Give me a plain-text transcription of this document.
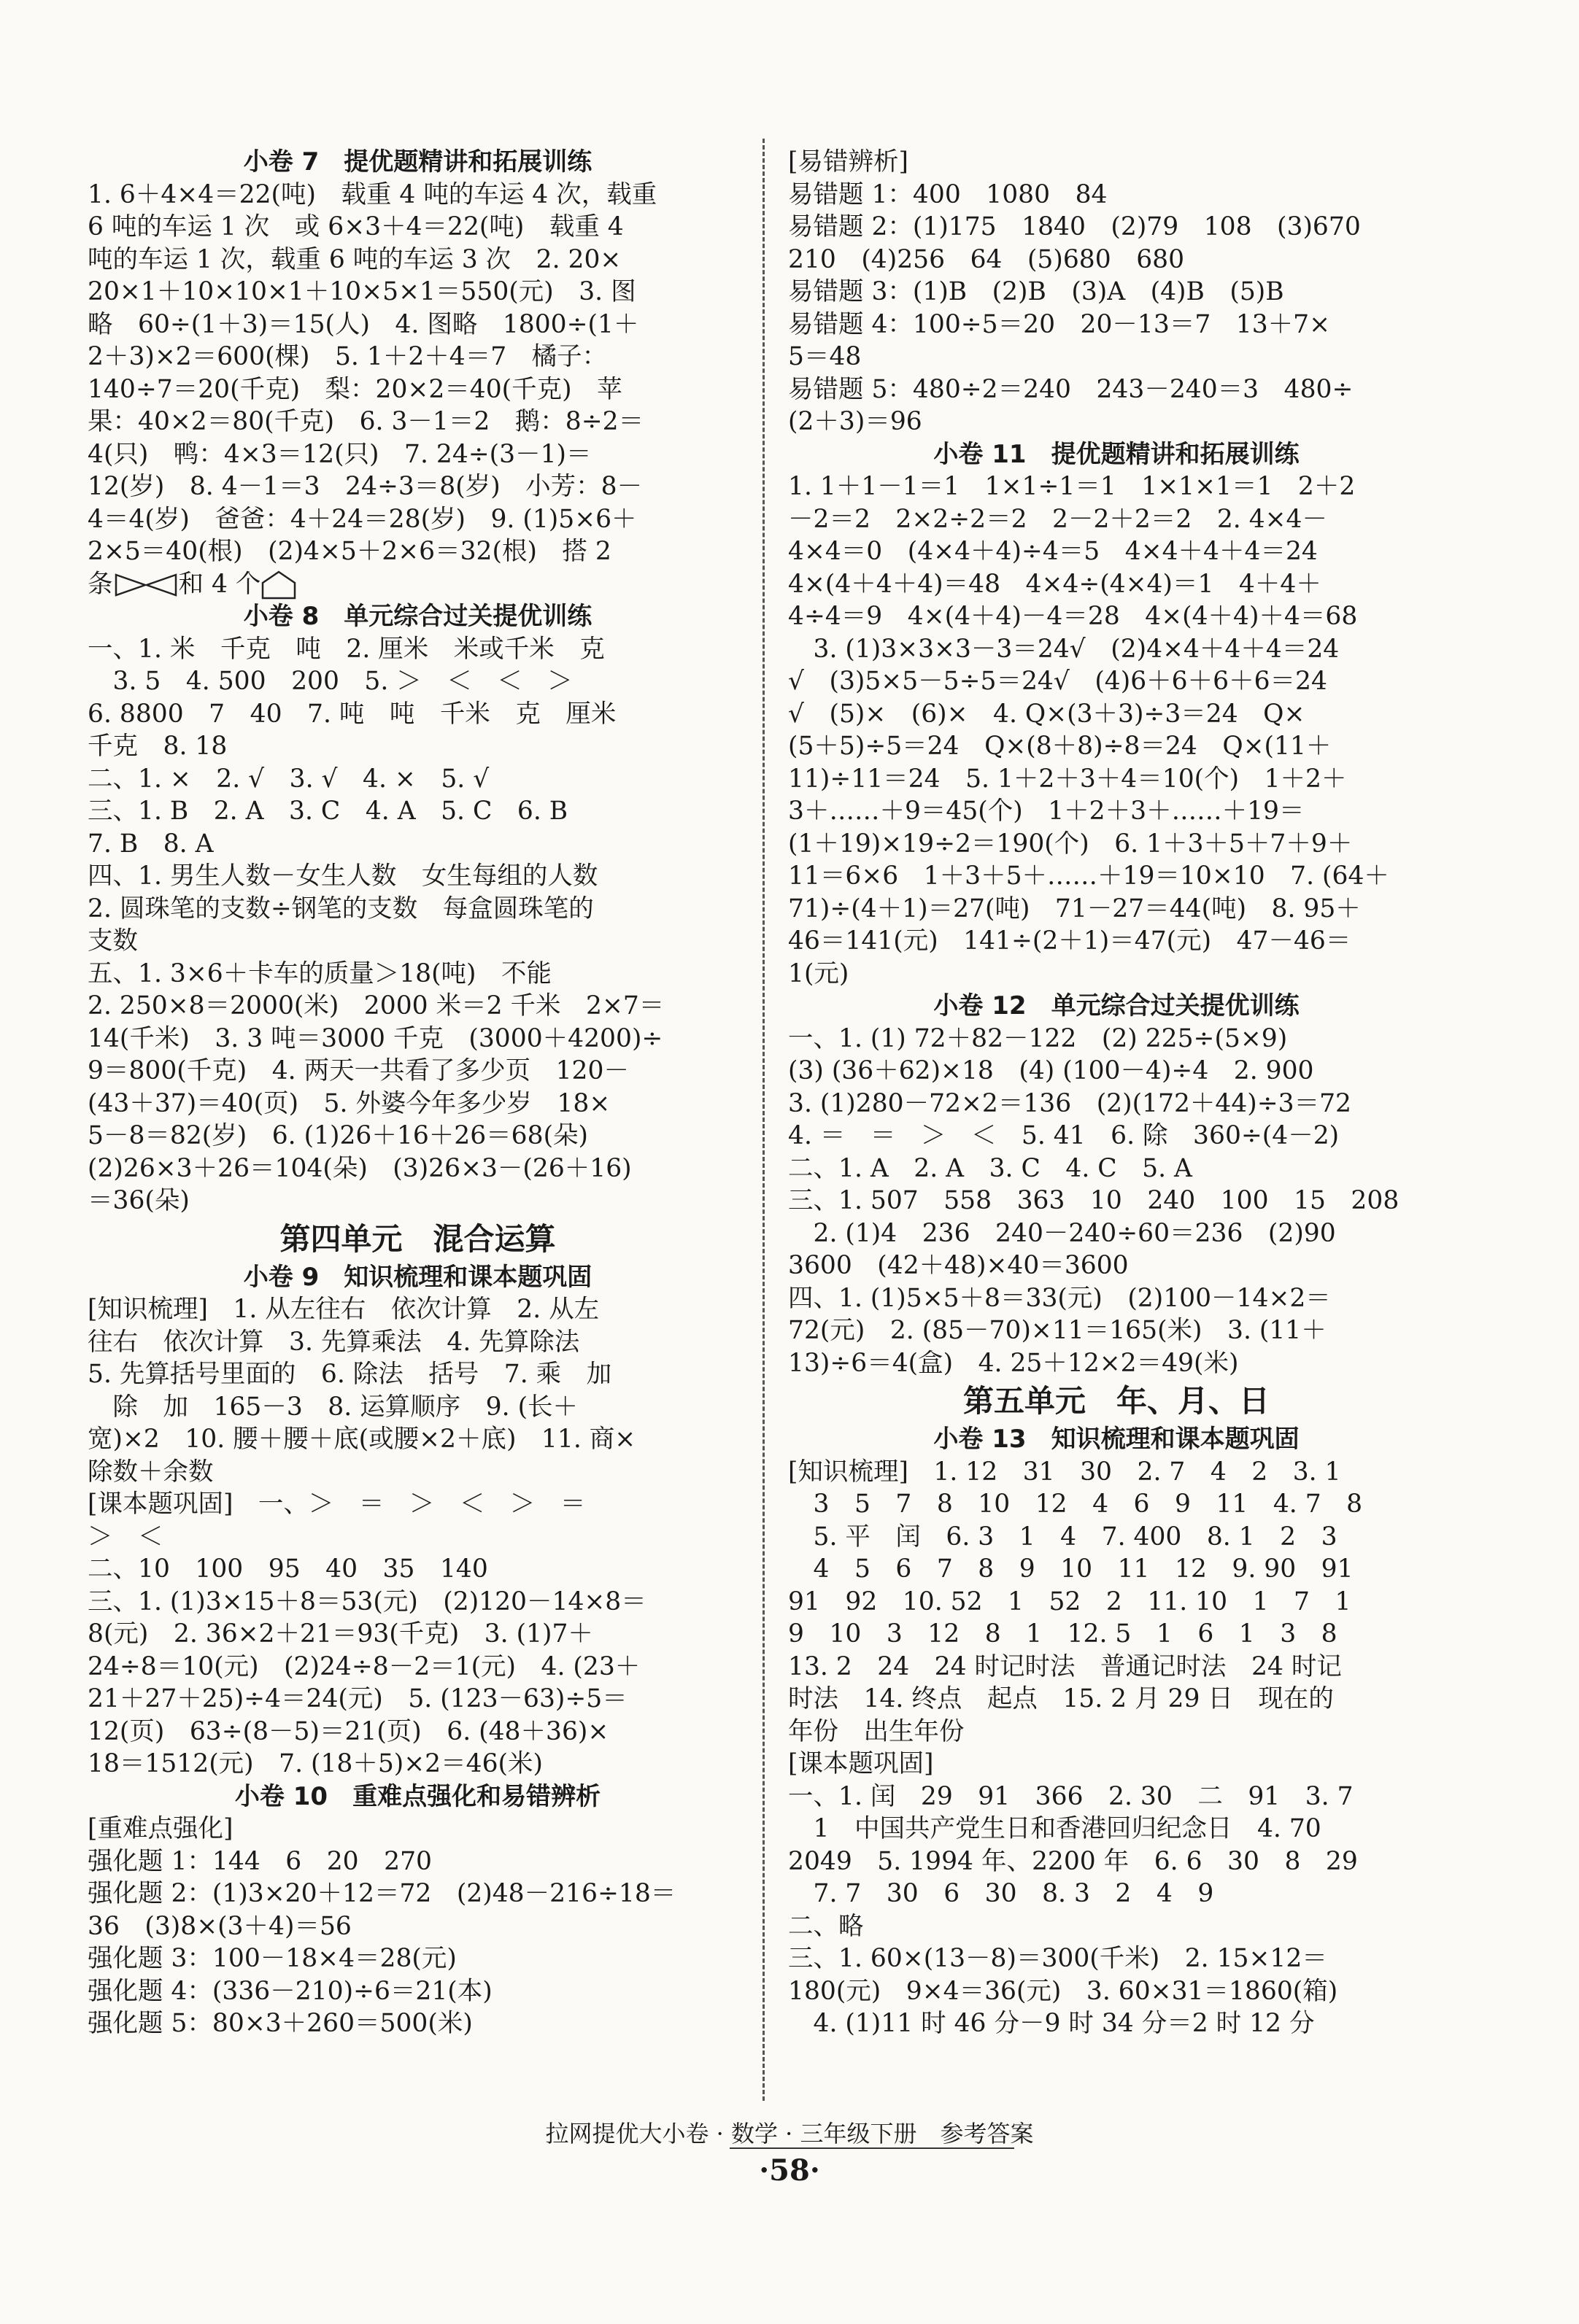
小卷 7　提优题精讲和拓展训练
1. 6＋4×4＝22(吨)　载重 4 吨的车运 4 次，载重
6 吨的车运 1 次　或 6×3＋4＝22(吨)　载重 4
吨的车运 1 次，载重 6 吨的车运 3 次　2. 20×
20×1＋10×10×1＋10×5×1＝550(元)　3. 图
略　60÷(1＋3)＝15(人)　4. 图略　1800÷(1＋
2＋3)×2＝600(棵)　5. 1＋2＋4＝7　橘子：
140÷7＝20(千克)　梨：20×2＝40(千克)　苹
果：40×2＝80(千克)　6. 3－1＝2　鹅：8÷2＝
4(只)　鸭：4×3＝12(只)　7. 24÷(3－1)＝
12(岁)　8. 4－1＝3　24÷3＝8(岁)　小芳：8－
4＝4(岁)　爸爸：4＋24＝28(岁)　9. (1)5×6＋
2×5＝40(根)　(2)4×5＋2×6＝32(根)　搭 2
条	和 4 个
小卷 8　单元综合过关提优训练
一、1. 米　千克　吨　2. 厘米　米或千米　克
　3. 5　4. 500　200　5. ＞　＜　＜　＞
6. 8800　7　40　7. 吨　吨　千米　克　厘米
千克　8. 18
二、1. ×　2. √　3. √　4. ×　5. √
三、1. B　2. A　3. C　4. A　5. C　6. B
7. B　8. A
四、1. 男生人数－女生人数　女生每组的人数
2. 圆珠笔的支数÷钢笔的支数　每盒圆珠笔的
支数
五、1. 3×6＋卡车的质量＞18(吨)　不能
2. 250×8＝2000(米)　2000 米＝2 千米　2×7＝
14(千米)　3. 3 吨＝3000 千克　(3000＋4200)÷
9＝800(千克)　4. 两天一共看了多少页　120－
(43＋37)＝40(页)　5. 外婆今年多少岁　18×
5－8＝82(岁)　6. (1)26＋16＋26＝68(朵)
(2)26×3＋26＝104(朵)　(3)26×3－(26＋16)
＝36(朵)
第四单元　混合运算
小卷 9　知识梳理和课本题巩固
[知识梳理]　1. 从左往右　依次计算　2. 从左
往右　依次计算　3. 先算乘法　4. 先算除法
5. 先算括号里面的　6. 除法　括号　7. 乘　加
　除　加　165－3　8. 运算顺序　9. (长＋
宽)×2　10. 腰＋腰＋底(或腰×2＋底)　11. 商×
除数＋余数
[课本题巩固]　一、＞　＝　＞　＜　＞　＝
＞　＜
二、10　100　95　40　35　140
三、1. (1)3×15＋8＝53(元)　(2)120－14×8＝
8(元)　2. 36×2＋21＝93(千克)　3. (1)7＋
24÷8＝10(元)　(2)24÷8－2＝1(元)　4. (23＋
21＋27＋25)÷4＝24(元)　5. (123－63)÷5＝
12(页)　63÷(8－5)＝21(页)　6. (48＋36)×
18＝1512(元)　7. (18＋5)×2＝46(米)
小卷 10　重难点强化和易错辨析
[重难点强化]
强化题 1：144　6　20　270
强化题 2：(1)3×20＋12＝72　(2)48－216÷18＝
36　(3)8×(3＋4)＝56
强化题 3：100－18×4＝28(元)
强化题 4：(336－210)÷6＝21(本)
强化题 5：80×3＋260＝500(米)
[易错辨析]
易错题 1：400　1080　84
易错题 2：(1)175　1840　(2)79　108　(3)670
210　(4)256　64　(5)680　680
易错题 3：(1)B　(2)B　(3)A　(4)B　(5)B
易错题 4：100÷5＝20　20－13＝7　13＋7×
5＝48
易错题 5：480÷2＝240　243－240＝3　480÷
(2＋3)＝96
小卷 11　提优题精讲和拓展训练
1. 1＋1－1＝1　1×1÷1＝1　1×1×1＝1　2＋2
－2＝2　2×2÷2＝2　2－2＋2＝2　2. 4×4－
4×4＝0　(4×4＋4)÷4＝5　4×4＋4＋4＝24
4×(4＋4＋4)＝48　4×4÷(4×4)＝1　4＋4＋
4÷4＝9　4×(4＋4)－4＝28　4×(4＋4)＋4＝68
　3. (1)3×3×3－3＝24√　(2)4×4＋4＋4＝24
√　(3)5×5－5÷5＝24√　(4)6＋6＋6＋6＝24
√　(5)×　(6)×　4. Q×(3＋3)÷3＝24　Q×
(5＋5)÷5＝24　Q×(8＋8)÷8＝24　Q×(11＋
11)÷11＝24　5. 1＋2＋3＋4＝10(个)　1＋2＋
3＋……＋9＝45(个)　1＋2＋3＋……＋19＝
(1＋19)×19÷2＝190(个)　6. 1＋3＋5＋7＋9＋
11＝6×6　1＋3＋5＋……＋19＝10×10　7. (64＋
71)÷(4＋1)＝27(吨)　71－27＝44(吨)　8. 95＋
46＝141(元)　141÷(2＋1)＝47(元)　47－46＝
1(元)
小卷 12　单元综合过关提优训练
一、1. (1) 72＋82－122　(2) 225÷(5×9)
(3) (36＋62)×18　(4) (100－4)÷4　2. 900
3. (1)280－72×2＝136　(2)(172＋44)÷3＝72
4. ＝　＝　＞　＜　5. 41　6. 除　360÷(4－2)
二、1. A　2. A　3. C　4. C　5. A
三、1. 507　558　363　10　240　100　15　208
　2. (1)4　236　240－240÷60＝236　(2)90
3600　(42＋48)×40＝3600
四、1. (1)5×5＋8＝33(元)　(2)100－14×2＝
72(元)　2. (85－70)×11＝165(米)　3. (11＋
13)÷6＝4(盒)　4. 25＋12×2＝49(米)
第五单元　年、月、日
小卷 13　知识梳理和课本题巩固
[知识梳理]　1. 12　31　30　2. 7　4　2　3. 1
　3　5　7　8　10　12　4　6　9　11　4. 7　8
　5. 平　闰　6. 3　1　4　7. 400　8. 1　2　3
　4　5　6　7　8　9　10　11　12　9. 90　91
91　92　10. 52　1　52　2　11. 10　1　7　1
9　10　3　12　8　1　12. 5　1　6　1　3　8
13. 2　24　24 时记时法　普通记时法　24 时记
时法　14. 终点　起点　15. 2 月 29 日　现在的
年份　出生年份
[课本题巩固]
一、1. 闰　29　91　366　2. 30　二　91　3. 7
　1　中国共产党生日和香港回归纪念日　4. 70
2049　5. 1994 年、2200 年　6. 6　30　8　29
　7. 7　30　6　30　8. 3　2　4　9
二、略
三、1. 60×(13－8)＝300(千米)　2. 15×12＝
180(元)　9×4＝36(元)　3. 60×31＝1860(箱)
　4. (1)11 时 46 分－9 时 34 分＝2 时 12 分
拉网提优大小卷 · 数学 · 三年级下册　参考答案
·58·
